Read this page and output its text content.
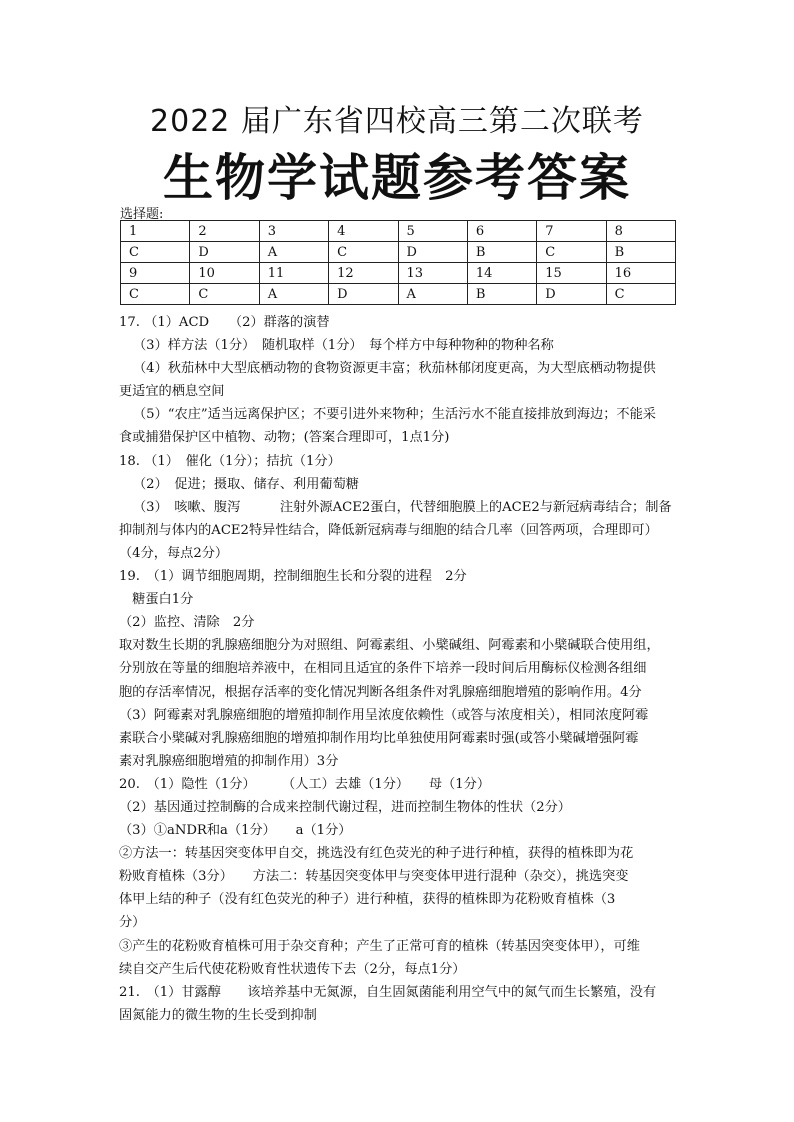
2022 届广东省四校高三第二次联考
生物学试题参考答案
选择题:
1	2	3	4	5	6	7	8
C	D	A	C	D	B	C	B
9	10	11	12	13	14	15	16
C	C	A	D	A	B	D	C
17. （1）ACD　　（2）群落的演替
（3）样方法（1分）　随机取样（1分）　每个样方中每种物种的物种名称
（4）秋茄林中大型底栖动物的食物资源更丰富；秋茄林郁闭度更高，为大型底栖动物提供
更适宜的栖息空间
（5）“农庄”适当远离保护区；不要引进外来物种；生活污水不能直接排放到海边；不能采
食或捕猎保护区中植物、动物；(答案合理即可，1点1分)
18. （1）　催化（1分）；拮抗（1分）
（2）　促进；摄取、储存、利用葡萄糖
（3）　咳嗽、腹泻　　　注射外源ACE2蛋白，代替细胞膜上的ACE2与新冠病毒结合；制备
抑制剂与体内的ACE2特异性结合，降低新冠病毒与细胞的结合几率（回答两项，合理即可）
（4分，每点2分）
19.　（1）调节细胞周期，控制细胞生长和分裂的进程　2分
　糖蛋白1分
（2）监控、清除　2分
取对数生长期的乳腺癌细胞分为对照组、阿霉素组、小檗碱组、阿霉素和小檗碱联合使用组，
分别放在等量的细胞培养液中，在相同且适宜的条件下培养一段时间后用酶标仪检测各组细
胞的存活率情况，根据存活率的变化情况判断各组条件对乳腺癌细胞增殖的影响作用。4分
（3）阿霉素对乳腺癌细胞的增殖抑制作用呈浓度依赖性（或答与浓度相关），相同浓度阿霉
素联合小檗碱对乳腺癌细胞的增殖抑制作用均比单独使用阿霉素时强(或答小檗碱增强阿霉
素对乳腺癌细胞增殖的抑制作用）3分
20.　（1）隐性（1分）　　　（人工）去雄（1分）　　母（1分）
（2）基因通过控制酶的合成来控制代谢过程，进而控制生物体的性状（2分）
（3）①aNDR和a（1分）　　a（1分）
②方法一：转基因突变体甲自交，挑选没有红色荧光的种子进行种植，获得的植株即为花
粉败育植株（3分）　　方法二：转基因突变体甲与突变体甲进行混种（杂交），挑选突变
体甲上结的种子（没有红色荧光的种子）进行种植，获得的植株即为花粉败育植株（3
分）
③产生的花粉败育植株可用于杂交育种；产生了正常可育的植株（转基因突变体甲），可维
续自交产生后代使花粉败育性状遗传下去（2分，每点1分）
21.　（1）甘露醇　　该培养基中无氮源，自生固氮菌能利用空气中的氮气而生长繁殖，没有
固氮能力的微生物的生长受到抑制
